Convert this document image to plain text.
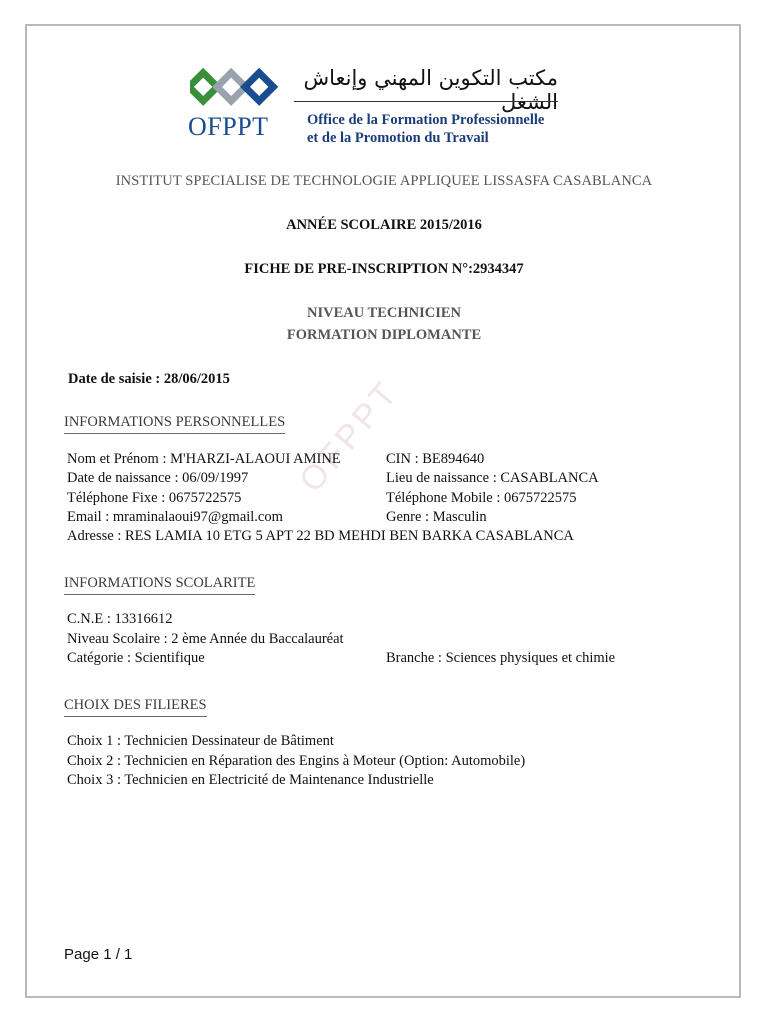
OFPPT
مكتب التكوين المهني وإنعاش الشغل
Office de la Formation Professionnelle
et de la Promotion du Travail
INSTITUT SPECIALISE DE TECHNOLOGIE APPLIQUEE LISSASFA CASABLANCA
ANNÉE SCOLAIRE 2015/2016
FICHE DE PRE-INSCRIPTION N°:2934347
NIVEAU TECHNICIEN
FORMATION DIPLOMANTE
Date de saisie : 28/06/2015 OFPPT
INFORMATIONS PERSONNELLES
Nom et Prénom : M'HARZI-ALAOUI AMINE	CIN : BE894640
Date de naissance : 06/09/1997	Lieu de naissance : CASABLANCA
Téléphone Fixe : 0675722575	Téléphone Mobile : 0675722575
Email : mraminalaoui97@gmail.com	Genre : Masculin
Adresse : RES LAMIA 10 ETG 5 APT 22 BD MEHDI BEN BARKA CASABLANCA
INFORMATIONS SCOLARITE
C.N.E : 13316612
Niveau Scolaire : 2 ème Année du Baccalauréat
Catégorie : Scientifique	Branche : Sciences physiques et chimie
CHOIX DES FILIERES
Choix 1 : Technicien Dessinateur de Bâtiment
Choix 2 : Technicien en Réparation des Engins à Moteur (Option: Automobile)
Choix 3 : Technicien en Electricité de Maintenance Industrielle
Page 1 / 1
